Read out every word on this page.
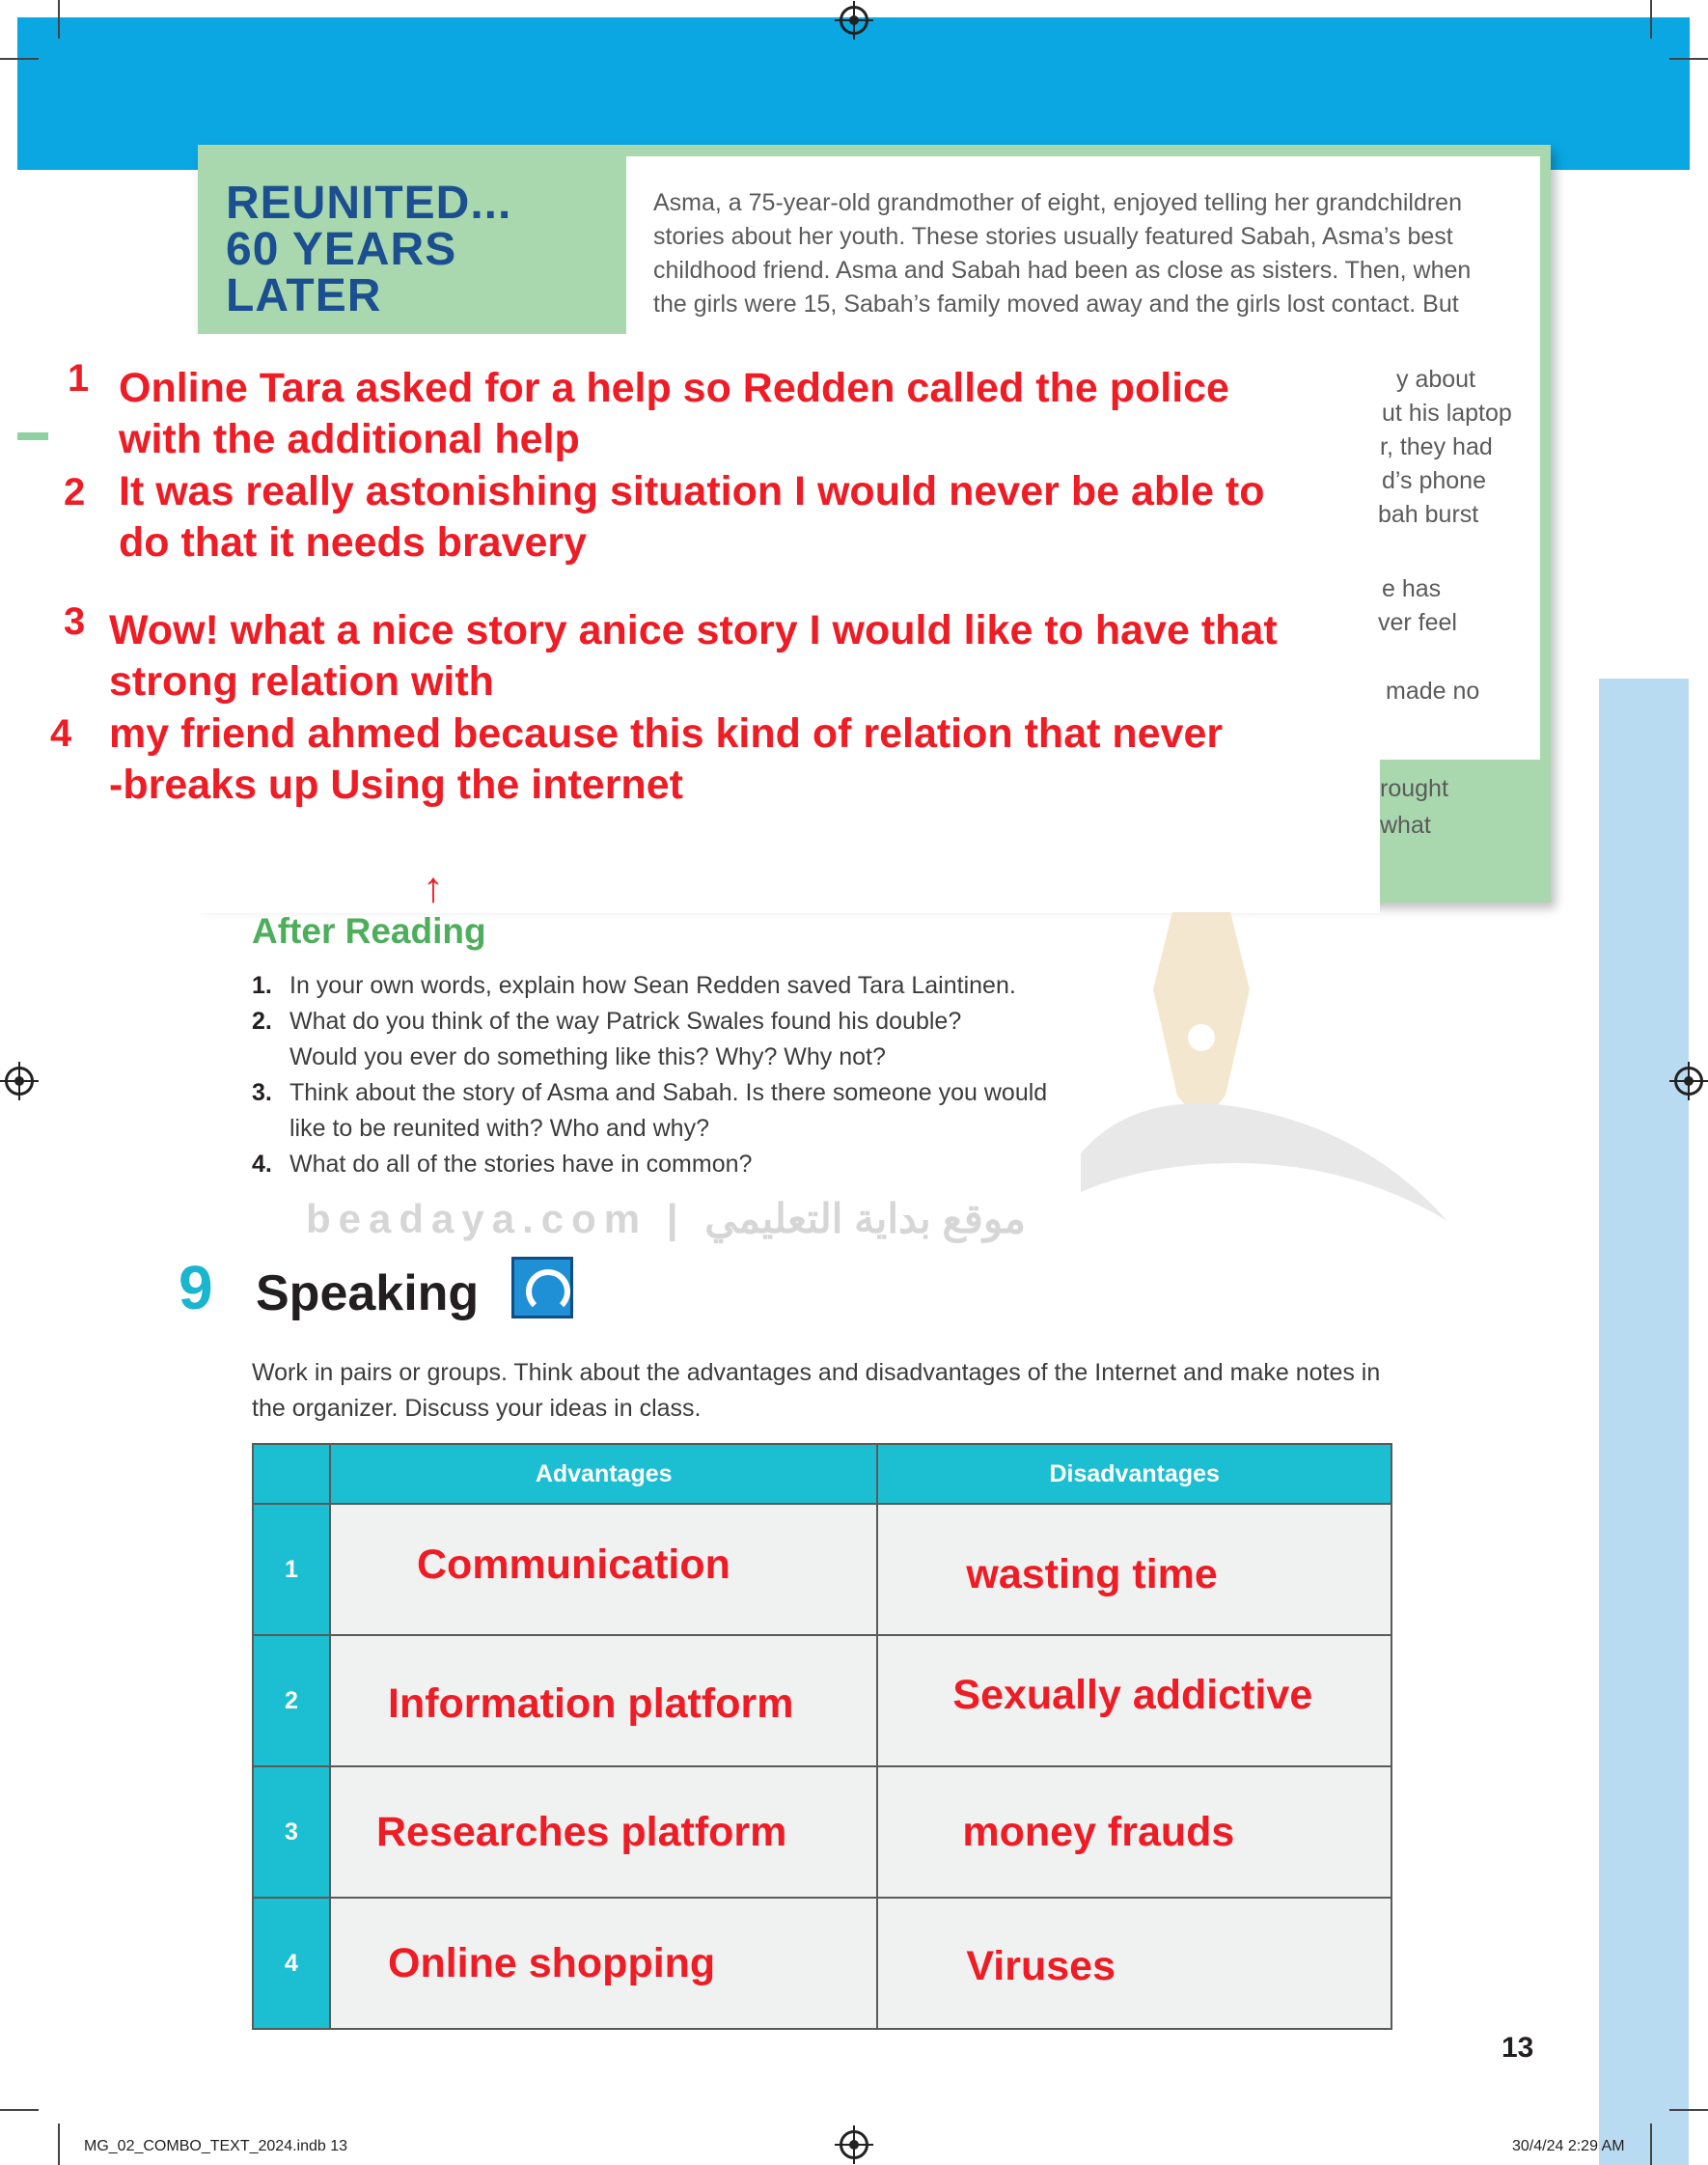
REUNITED...
60 YEARS
LATER
Asma, a 75-year-old grandmother of eight, enjoyed telling her grandchildren
stories about her youth. These stories usually featured Sabah, Asma’s best
childhood friend. Asma and Sabah had been as close as sisters. Then, when
the girls were 15, Sabah’s family moved away and the girls lost contact. But
y about
ut his laptop
r, they had
d’s phone
bah burst
e has
ver feel
made no
rought
what
1 Online Tara asked for a help so Redden called the police
with the additional help
2 It was really astonishing situation I would never be able to
do that it needs bravery
3 Wow! what a nice story anice story I would like to have that
strong relation with
4 my friend ahmed because this kind of relation that never
-breaks up Using the internet
↑
beadaya.com | موقع بداية التعليمي
After Reading
1. In your own words, explain how Sean Redden saved Tara Laintinen.
2. What do you think of the way Patrick Swales found his double?
Would you ever do something like this? Why? Why not?
3. Think about the story of Asma and Sabah. Is there someone you would
like to be reunited with? Who and why?
4. What do all of the stories have in common?
9 Speaking
Work in pairs or groups. Think about the advantages and disadvantages of the Internet and make notes in the organizer. Discuss your ideas in class.
	Advantages	Disadvantages
1	Communication	wasting time

2	Information platform	Sexually addictive

3	Researches platform	money frauds

4	Online shopping	Viruses
13
MG_02_COMBO_TEXT_2024.indb 13	30/4/24 2:29 AM
